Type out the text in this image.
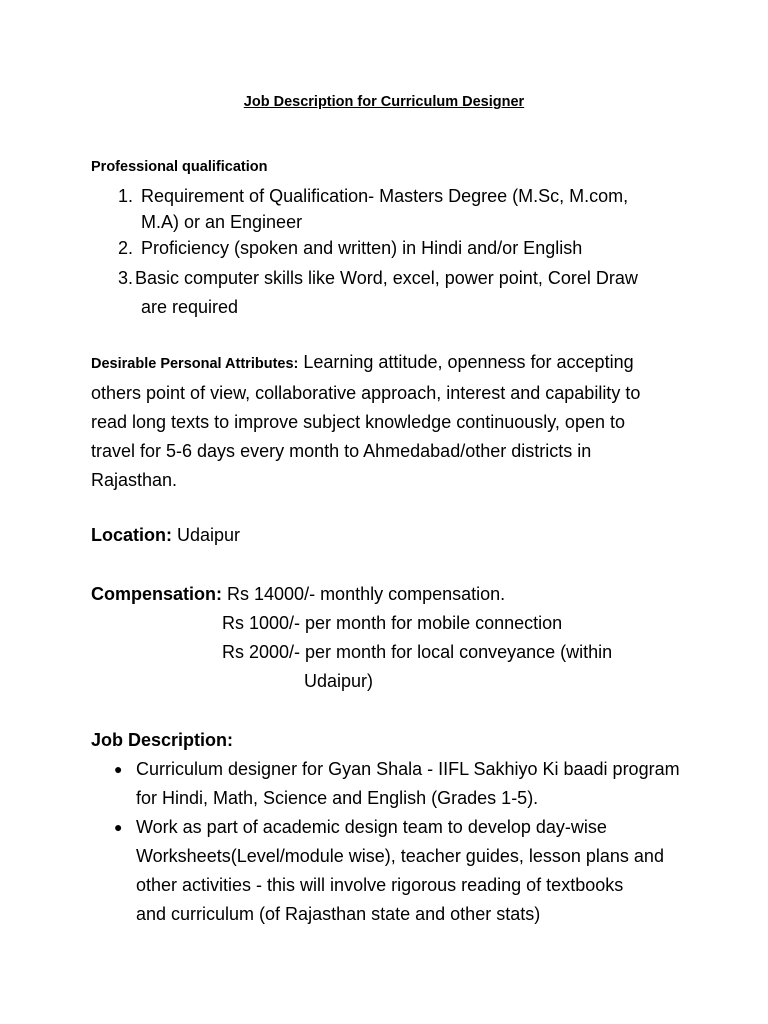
Job Description for Curriculum Designer
Professional qualification
1. Requirement of Qualification- Masters Degree (M.Sc, M.com,
M.A) or an Engineer
2. Proficiency (spoken and written) in Hindi and/or English
3. Basic computer skills like Word, excel, power point, Corel Draw
are required
Desirable Personal Attributes: Learning attitude, openness for accepting
others point of view, collaborative approach, interest and capability to
read long texts to improve subject knowledge continuously, open to
travel for 5-6 days every month to Ahmedabad/other districts in
Rajasthan.
Location: Udaipur
Compensation: Rs 14000/- monthly compensation.
Rs 1000/- per month for mobile connection
Rs 2000/- per month for local conveyance (within
Udaipur)
Job Description:
● Curriculum designer for Gyan Shala - IIFL Sakhiyo Ki baadi program
for Hindi, Math, Science and English (Grades 1-5).
● Work as part of academic design team to develop day-wise
Worksheets(Level/module wise), teacher guides, lesson plans and
other activities - this will involve rigorous reading of textbooks
and curriculum (of Rajasthan state and other stats)
